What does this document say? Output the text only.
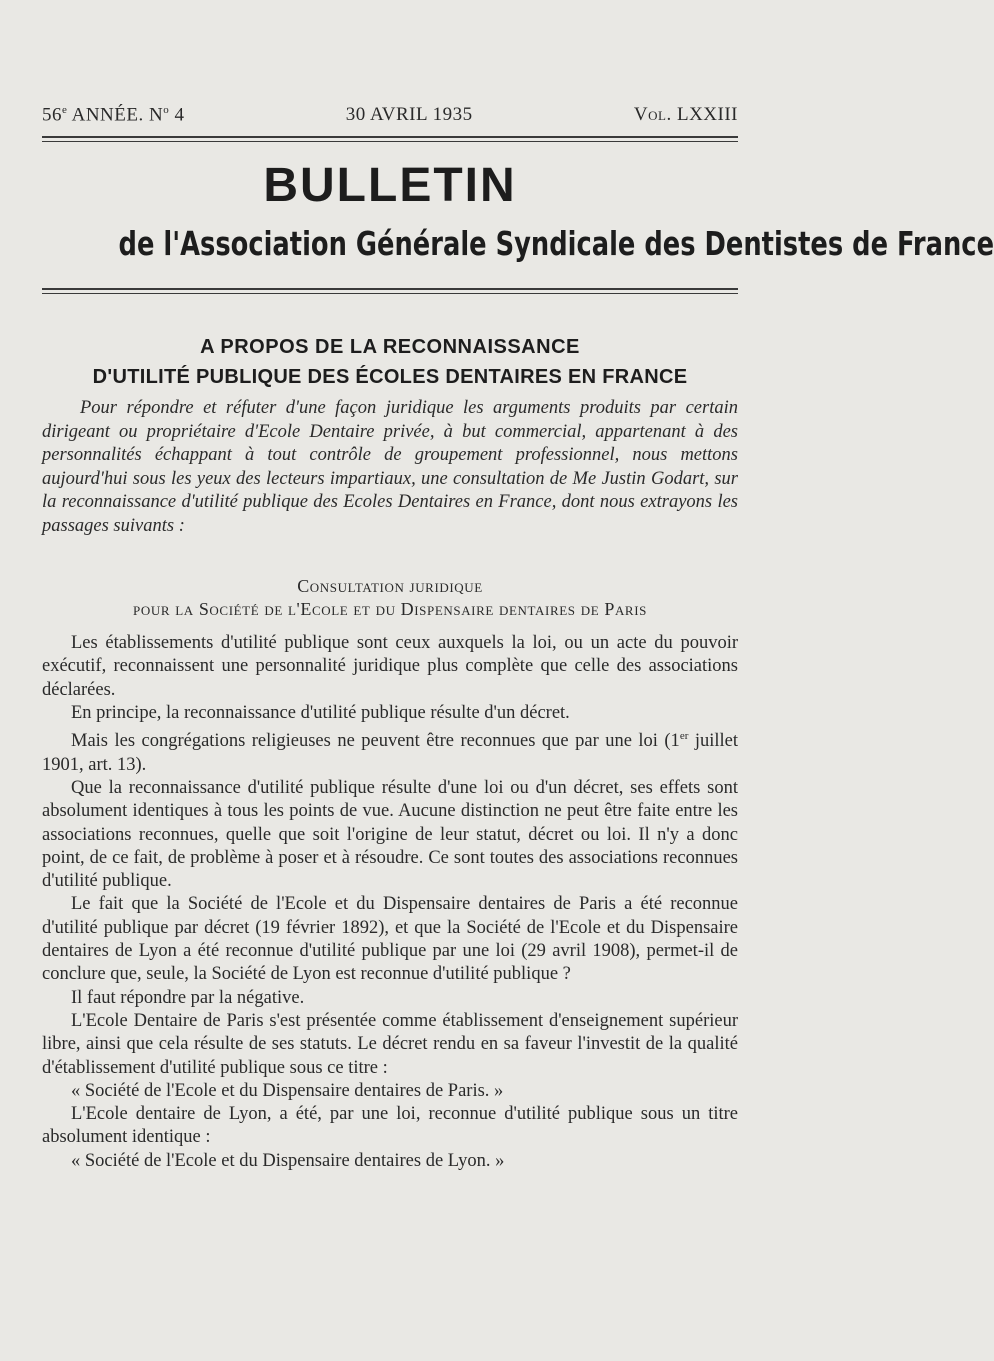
56e ANNÉE. $N^o$ 4	30 AVRIL 1935	Vol. LXXIII
BULLETIN
de l'Association Générale Syndicale des Dentistes de France
A PROPOS DE LA RECONNAISSANCE
D'UTILITÉ PUBLIQUE DES ÉCOLES DENTAIRES EN FRANCE
Pour répondre et réfuter d'une façon juridique les arguments produits par certain dirigeant ou propriétaire d'Ecole Dentaire privée, à but commercial, appartenant à des personnalités échappant à tout contrôle de groupement professionnel, nous mettons aujourd'hui sous les yeux des lecteurs impartiaux, une consultation de Me Justin Godart, sur la reconnaissance d'utilité publique des Ecoles Dentaires en France, dont nous extrayons les passages suivants :
Consultation juridique
pour la Société de l'Ecole et du Dispensaire dentaires de Paris

Les établissements d'utilité publique sont ceux auxquels la loi, ou un acte du pouvoir exécutif, reconnaissent une personnalité juridique plus complète que celle des associations déclarées.

En principe, la reconnaissance d'utilité publique résulte d'un décret.

Mais les congrégations religieuses ne peuvent être reconnues que par une loi (1er juillet 1901, art. 13).

Que la reconnaissance d'utilité publique résulte d'une loi ou d'un décret, ses effets sont absolument identiques à tous les points de vue. Aucune distinction ne peut être faite entre les associations reconnues, quelle que soit l'origine de leur statut, décret ou loi. Il n'y a donc point, de ce fait, de problème à poser et à résoudre. Ce sont toutes des associations reconnues d'utilité publique.

Le fait que la Société de l'Ecole et du Dispensaire dentaires de Paris a été reconnue d'utilité publique par décret (19 février 1892), et que la Société de l'Ecole et du Dispensaire dentaires de Lyon a été reconnue d'utilité publique par une loi (29 avril 1908), permet-il de conclure que, seule, la Société de Lyon est reconnue d'utilité publique ?

Il faut répondre par la négative.

L'Ecole Dentaire de Paris s'est présentée comme établissement d'enseignement supérieur libre, ainsi que cela résulte de ses statuts. Le décret rendu en sa faveur l'investit de la qualité d'établissement d'utilité publique sous ce titre :

« Société de l'Ecole et du Dispensaire dentaires de Paris. »

L'Ecole dentaire de Lyon, a été, par une loi, reconnue d'utilité publique sous un titre absolument identique :

« Société de l'Ecole et du Dispensaire dentaires de Lyon. »
